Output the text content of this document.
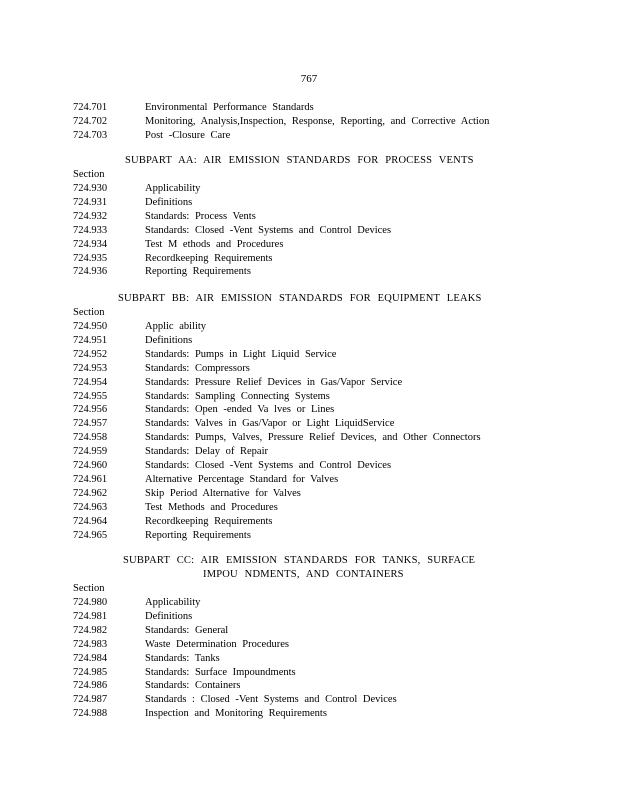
767
724.701	Environmental Performance Standards
724.702	Monitoring, Analysis,Inspection, Response, Reporting, and Corrective Action
724.703	Post -Closure Care
SUBPART AA: AIR EMISSION STANDARDS FOR PROCESS VENTS
Section
724.930	Applicability
724.931	Definitions
724.932	Standards: Process Vents
724.933	Standards: Closed -Vent Systems and Control Devices
724.934	Test M ethods and Procedures
724.935	Recordkeeping Requirements
724.936	Reporting Requirements
SUBPART BB: AIR EMISSION STANDARDS FOR EQUIPMENT LEAKS
Section
724.950	Applic ability
724.951	Definitions
724.952	Standards: Pumps in Light Liquid Service
724.953	Standards: Compressors
724.954	Standards: Pressure Relief Devices in Gas/Vapor Service
724.955	Standards: Sampling Connecting Systems
724.956	Standards: Open -ended Va lves or Lines
724.957	Standards: Valves in Gas/Vapor or Light LiquidService
724.958	Standards: Pumps, Valves, Pressure Relief Devices, and Other Connectors
724.959	Standards: Delay of Repair
724.960	Standards: Closed -Vent Systems and Control Devices
724.961	Alternative Percentage Standard for Valves
724.962	Skip Period Alternative for Valves
724.963	Test Methods and Procedures
724.964	Recordkeeping Requirements
724.965	Reporting Requirements
SUBPART CC: AIR EMISSION STANDARDS FOR TANKS, SURFACE
IMPOU NDMENTS, AND CONTAINERS
Section
724.980	Applicability
724.981	Definitions
724.982	Standards: General
724.983	Waste Determination Procedures
724.984	Standards: Tanks
724.985	Standards: Surface Impoundments
724.986	Standards: Containers
724.987	Standards : Closed -Vent Systems and Control Devices
724.988	Inspection and Monitoring Requirements
